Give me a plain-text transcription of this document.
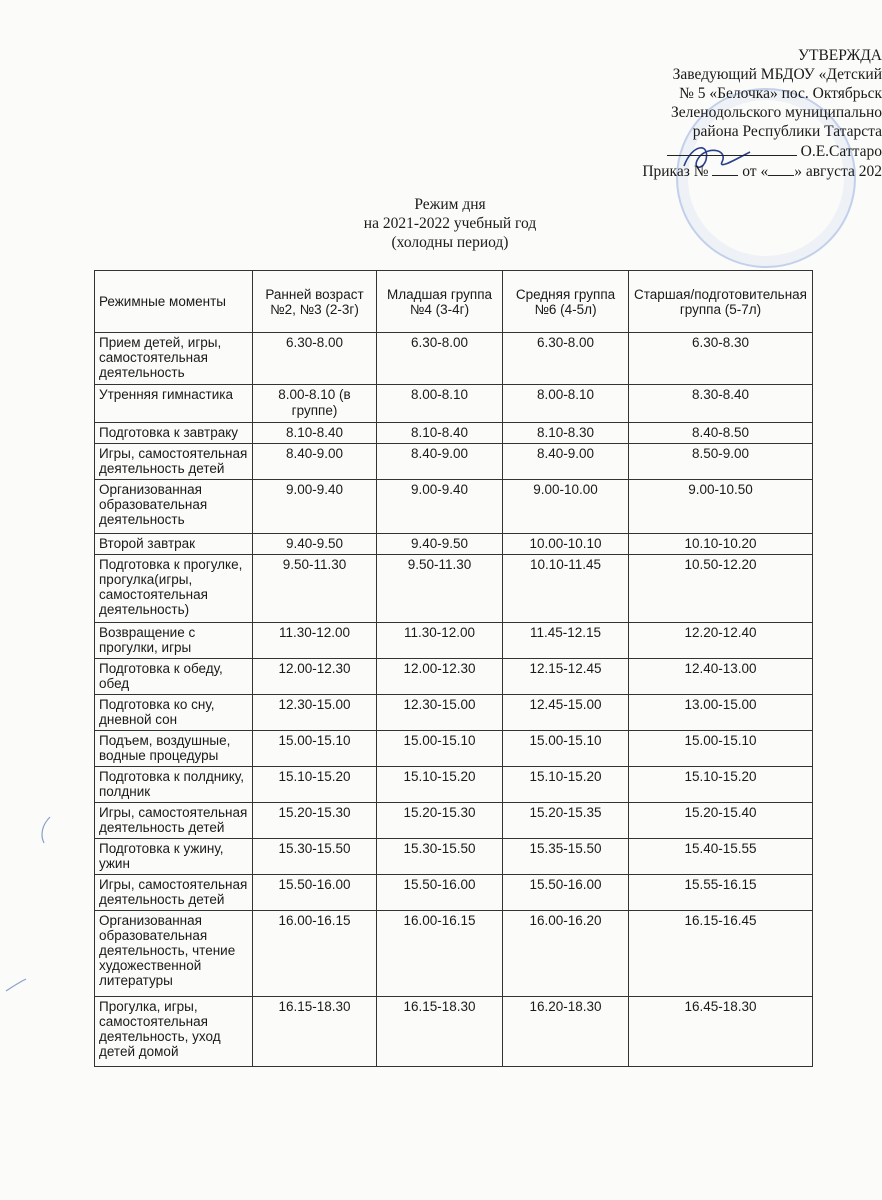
УТВЕРЖДА
Заведующий МБДОУ «Детский
№ 5 «Белочка» пос. Октябрьск
Зеленодольского муниципально
района Республики Татарста
О.Е.Саттаро
Приказ № от « » августа 202
Режим дня
на 2021-2022 учебный год
(холодны период)
Режимные моменты	Ранней возраст №2, №3 (2-3г)	Младшая группа №4 (3-4г)	Средняя группа №6 (4-5л)	Старшая/подготовительная группа (5-7л)
Прием детей, игры, самостоятельная деятельность	6.30-8.00	6.30-8.00	6.30-8.00	6.30-8.30
Утренняя гимнастика	8.00-8.10 (в группе)	8.00-8.10	8.00-8.10	8.30-8.40
Подготовка к завтраку	8.10-8.40	8.10-8.40	8.10-8.30	8.40-8.50
Игры, самостоятельная деятельность детей	8.40-9.00	8.40-9.00	8.40-9.00	8.50-9.00
Организованная образовательная деятельность	9.00-9.40	9.00-9.40	9.00-10.00	9.00-10.50
Второй завтрак	9.40-9.50	9.40-9.50	10.00-10.10	10.10-10.20
Подготовка к прогулке, прогулка(игры, самостоятельная деятельность)	9.50-11.30	9.50-11.30	10.10-11.45	10.50-12.20
Возвращение с прогулки, игры	11.30-12.00	11.30-12.00	11.45-12.15	12.20-12.40
Подготовка к обеду, обед	12.00-12.30	12.00-12.30	12.15-12.45	12.40-13.00
Подготовка ко сну, дневной сон	12.30-15.00	12.30-15.00	12.45-15.00	13.00-15.00
Подъем, воздушные, водные процедуры	15.00-15.10	15.00-15.10	15.00-15.10	15.00-15.10
Подготовка к полднику, полдник	15.10-15.20	15.10-15.20	15.10-15.20	15.10-15.20
Игры, самостоятельная деятельность детей	15.20-15.30	15.20-15.30	15.20-15.35	15.20-15.40
Подготовка к ужину, ужин	15.30-15.50	15.30-15.50	15.35-15.50	15.40-15.55
Игры, самостоятельная деятельность детей	15.50-16.00	15.50-16.00	15.50-16.00	15.55-16.15
Организованная образовательная деятельность, чтение художественной литературы	16.00-16.15	16.00-16.15	16.00-16.20	16.15-16.45
Прогулка, игры, самостоятельная деятельность, уход детей домой	16.15-18.30	16.15-18.30	16.20-18.30	16.45-18.30
